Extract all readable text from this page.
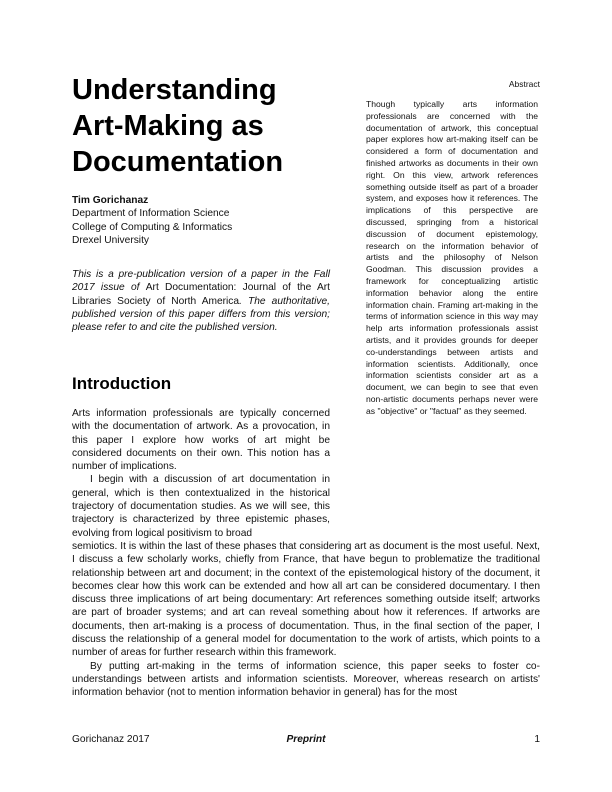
Understanding
Art-Making as
Documentation
Tim Gorichanaz
Department of Information Science
College of Computing & Informatics
Drexel University

This is a pre-publication version of a paper in the Fall 2017 issue of Art Documentation: Journal of the Art Libraries Society of North America. The authoritative, published version of this paper differs from this version; please refer to and cite the published version.

Introduction

Arts information professionals are typically concerned with the documentation of artwork. As a provocation, in this paper I explore how works of art might be considered documents on their own. This notion has a number of implications.

I begin with a discussion of art documentation in general, which is then contextualized in the historical trajectory of documentation studies. As we will see, this trajectory is characterized by three epistemic phases, evolving from logical positivism to broad

semiotics. It is within the last of these phases that considering art as document is the most useful. Next, I discuss a few scholarly works, chiefly from France, that have begun to problematize the traditional relationship between art and document; in the context of the epistemological history of the document, it becomes clear how this work can be extended and how all art can be considered documentary. I then discuss three implications of art being documentary: Art references something outside itself; artworks are part of broader systems; and art can reveal something about how it references. If artworks are documents, then art-making is a process of documentation. Thus, in the final section of the paper, I discuss the relationship of a general model for documentation to the work of artists, which points to a number of areas for further research within this framework.

By putting art-making in the terms of information science, this paper seeks to foster co-understandings between artists and information scientists. Moreover, whereas research on artists' information behavior (not to mention information behavior in general) has for the most

Abstract

Though typically arts information professionals are concerned with the documentation of artwork, this conceptual paper explores how art-making itself can be considered a form of documentation and finished artworks as documents in their own right. On this view, artwork references something outside itself as part of a broader system, and exposes how it references. The implications of this perspective are discussed, springing from a historical discussion of document epistemology, research on the information behavior of artists and the philosophy of Nelson Goodman. This discussion provides a framework for conceptualizing artistic information behavior along the entire information chain. Framing art-making in the terms of information science in this way may help arts information professionals assist artists, and it provides grounds for deeper co-understandings between artists and information scientists. Additionally, once information scientists consider art as a document, we can begin to see that even non-artistic documents perhaps never were as "objective" or "factual" as they seemed.

Gorichanaz 2017	Preprint	1
